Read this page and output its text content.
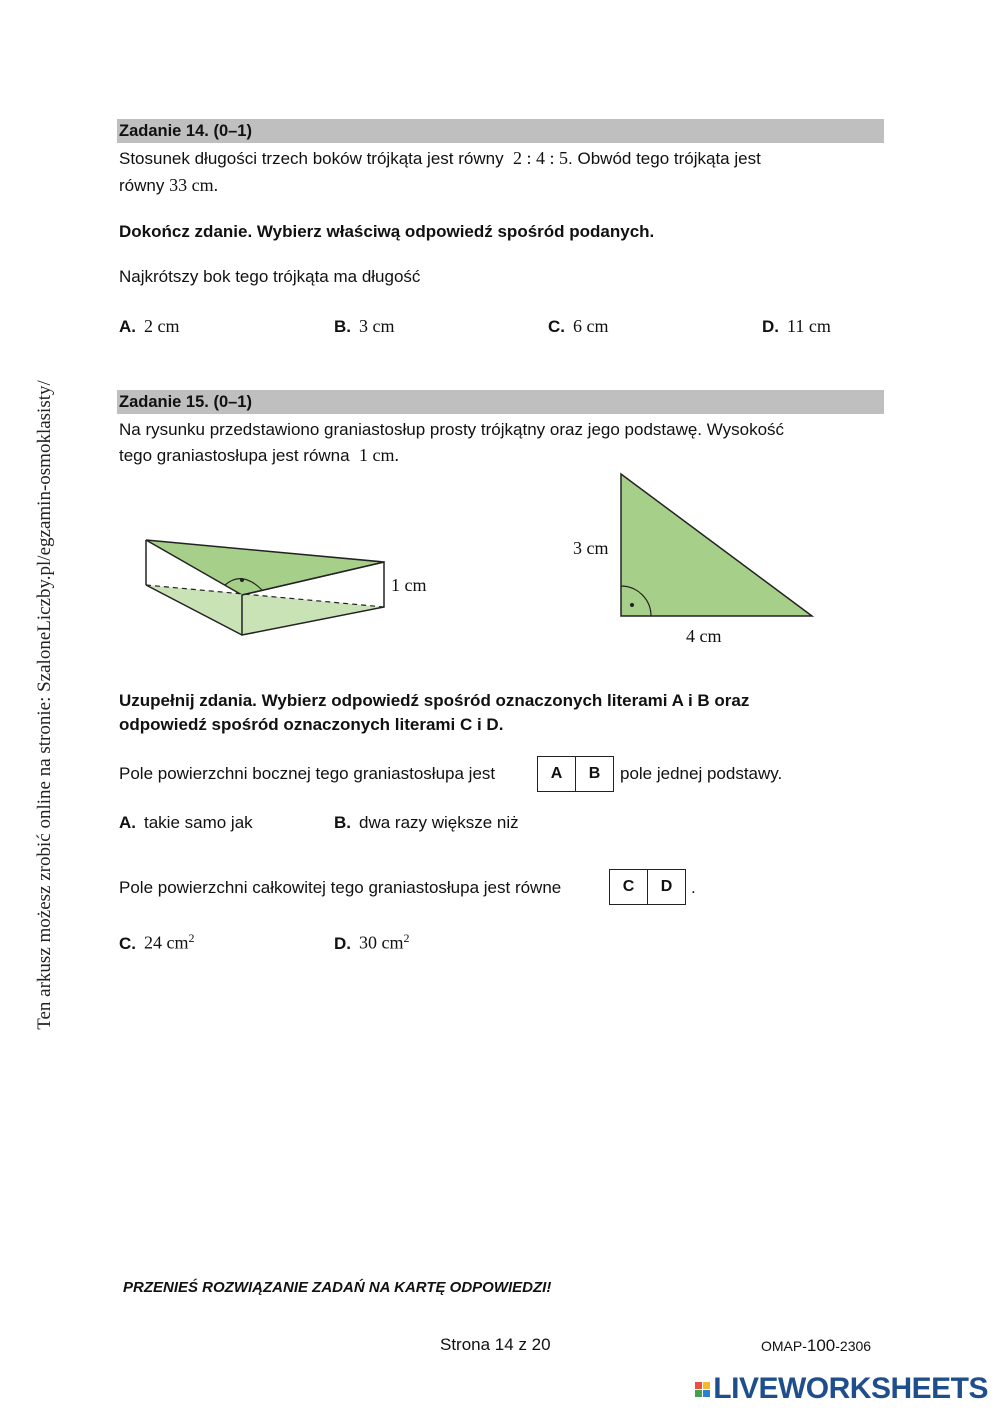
Ten arkusz możesz zrobić online na stronie: SzaloneLiczby.pl/egzamin-osmoklasisty/
Zadanie 14. (0–1)
Stosunek długości trzech boków trójkąta jest równy 2 : 4 : 5. Obwód tego trójkąta jest
równy 33 cm.
Dokończ zdanie. Wybierz właściwą odpowiedź spośród podanych.
Najkrótszy bok tego trójkąta ma długość
A. 2 cm	B. 3 cm	C. 6 cm	D. 11 cm
Zadanie 15. (0–1)
Na rysunku przedstawiono graniastosłup prosty trójkątny oraz jego podstawę. Wysokość
tego graniastosłupa jest równa 1 cm.
1 cm
3 cm
4 cm
Uzupełnij zdania. Wybierz odpowiedź spośród oznaczonych literami A i B oraz
odpowiedź spośród oznaczonych literami C i D.
Pole powierzchni bocznej tego graniastosłupa jest	A	B	pole jednej podstawy.
A. takie samo jak	B. dwa razy większe niż
Pole powierzchni całkowitej tego graniastosłupa jest równe	C	D	.
C. 24 $cm^2$	D. 30 $cm^2$
PRZENIEŚ ROZWIĄZANIE ZADAŃ NA KARTĘ ODPOWIEDZI!
Strona 14 z 20	OMAP-100-2306
LIVEWORKSHEETS
